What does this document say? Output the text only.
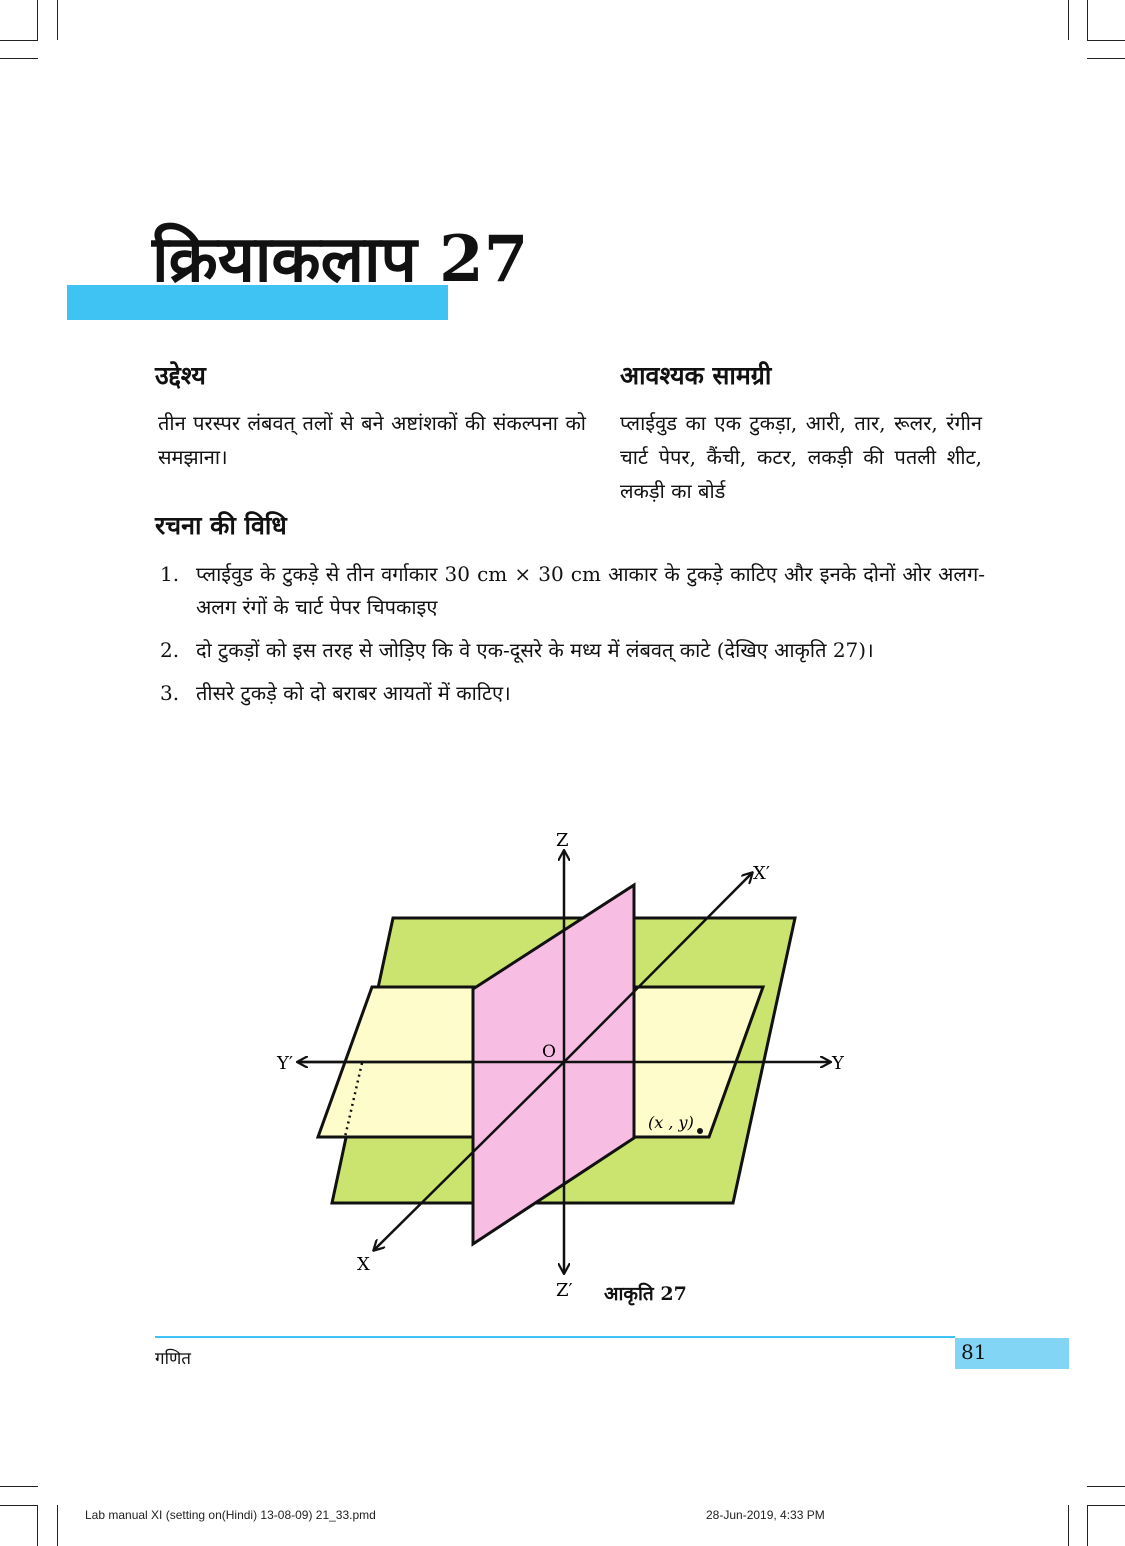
क्रियाकलाप 27
उद्देश्य

तीन परस्पर लंबवत् तलों से बने अष्टांशकों की संकल्पना को समझाना।

आवश्यक सामग्री

प्लाईवुड का एक टुकड़ा, आरी, तार, रूलर, रंगीन चार्ट पेपर, कैंची, कटर, लकड़ी की पतली शीट, लकड़ी का बोर्ड

रचना की विधि
1. प्लाईवुड के टुकड़े से तीन वर्गाकार 30 cm × 30 cm आकार के टुकड़े काटिए और इनके दोनों ओर अलग-अलग रंगों के चार्ट पेपर चिपकाइए
2. दो टुकड़ों को इस तरह से जोड़िए कि वे एक-दूसरे के मध्य में लंबवत् काटे (देखिए आकृति 27)।
3. तीसरे टुकड़े को दो बराबर आयतों में काटिए।
Z
Z′
X′
X
Y
Y′
O
(x , y)
आकृति 27
81
गणित
Lab manual XI (setting on(Hindi) 13-08-09) 21_33.pmd	28-Jun-2019, 4:33 PM
